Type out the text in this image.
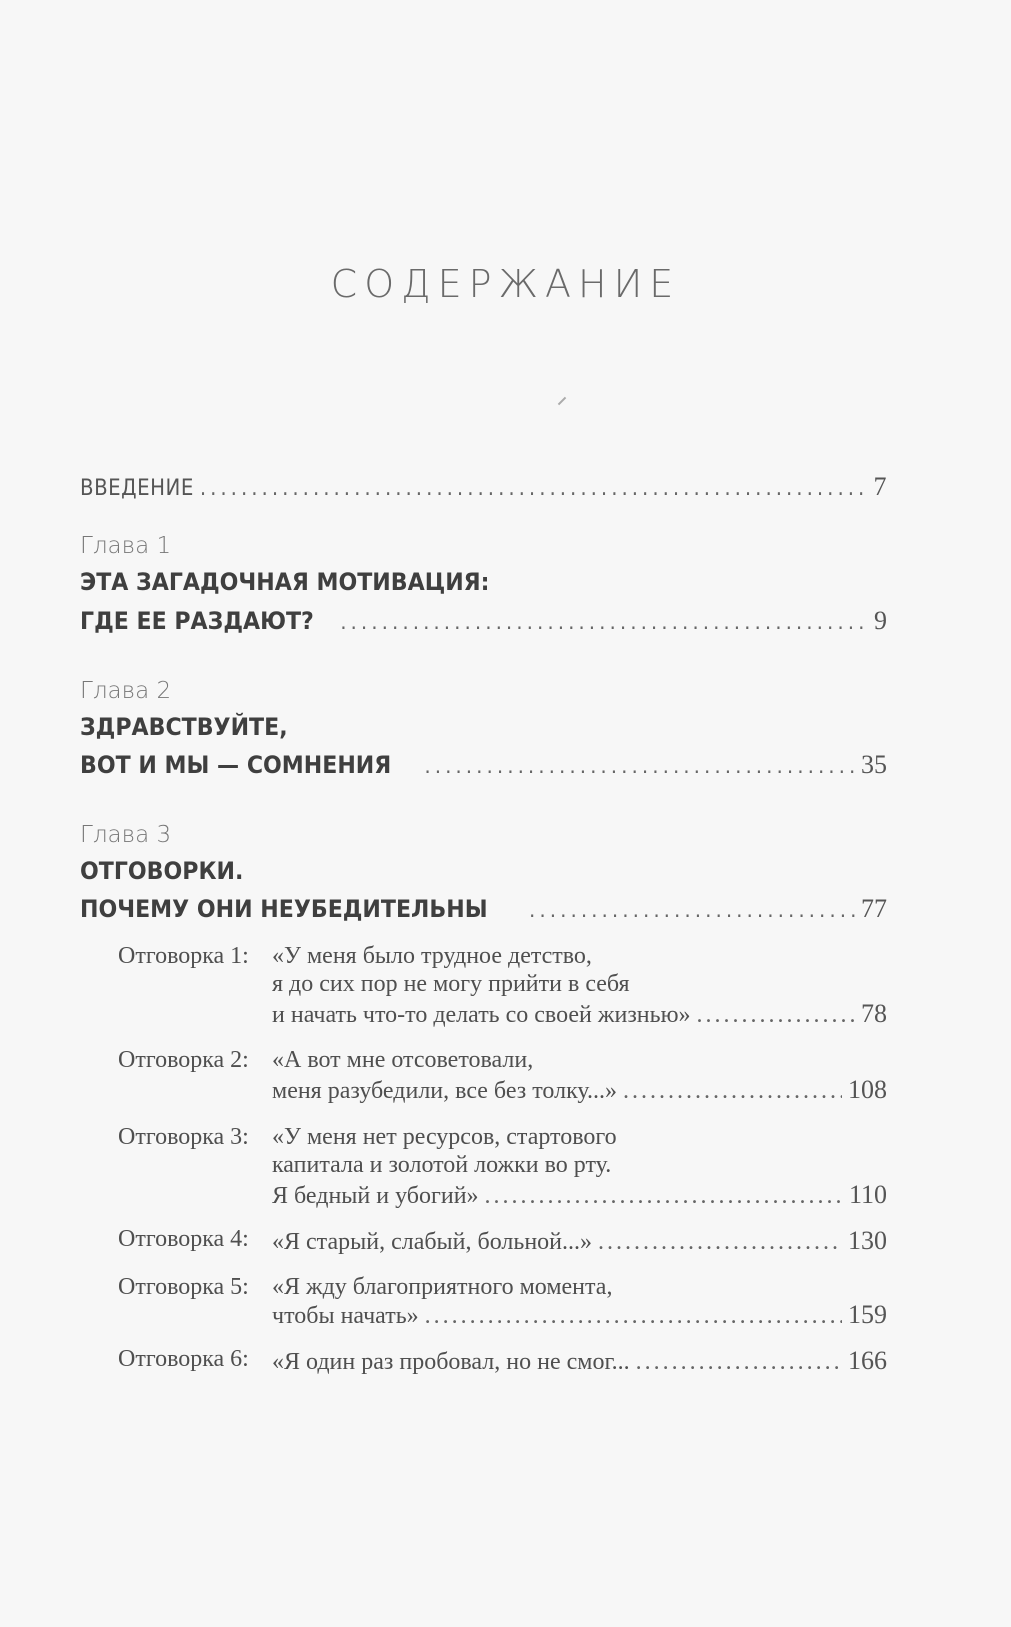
СОДЕРЖАНИЕ
ВВЕДЕНИЕ .....	7
Глава 1
ЭТА ЗАГАДОЧНАЯ МОТИВАЦИЯ:
ГДЕ ЕЕ РАЗДАЮТ? .....	9
Глава 2
ЗДРАВСТВУЙТЕ,
ВОТ И МЫ — СОМНЕНИЯ .....	35
Глава 3
ОТГОВОРКИ.
ПОЧЕМУ ОНИ НЕУБЕДИТЕЛЬНЫ .....	77
Отговорка 1: «У меня было трудное детство,
я до сих пор не могу прийти в себя
и начать что-то делать со своей жизнью» .....	78
Отговорка 2: «А вот мне отсоветовали,
меня разубедили, все без толку...» .....	108
Отговорка 3: «У меня нет ресурсов, стартового
капитала и золотой ложки во рту.
Я бедный и убогий» .....	110
Отговорка 4: «Я старый, слабый, больной...» .....	130
Отговорка 5: «Я жду благоприятного момента,
чтобы начать» .....	159
Отговорка 6: «Я один раз пробовал, но не смог... .....	166
